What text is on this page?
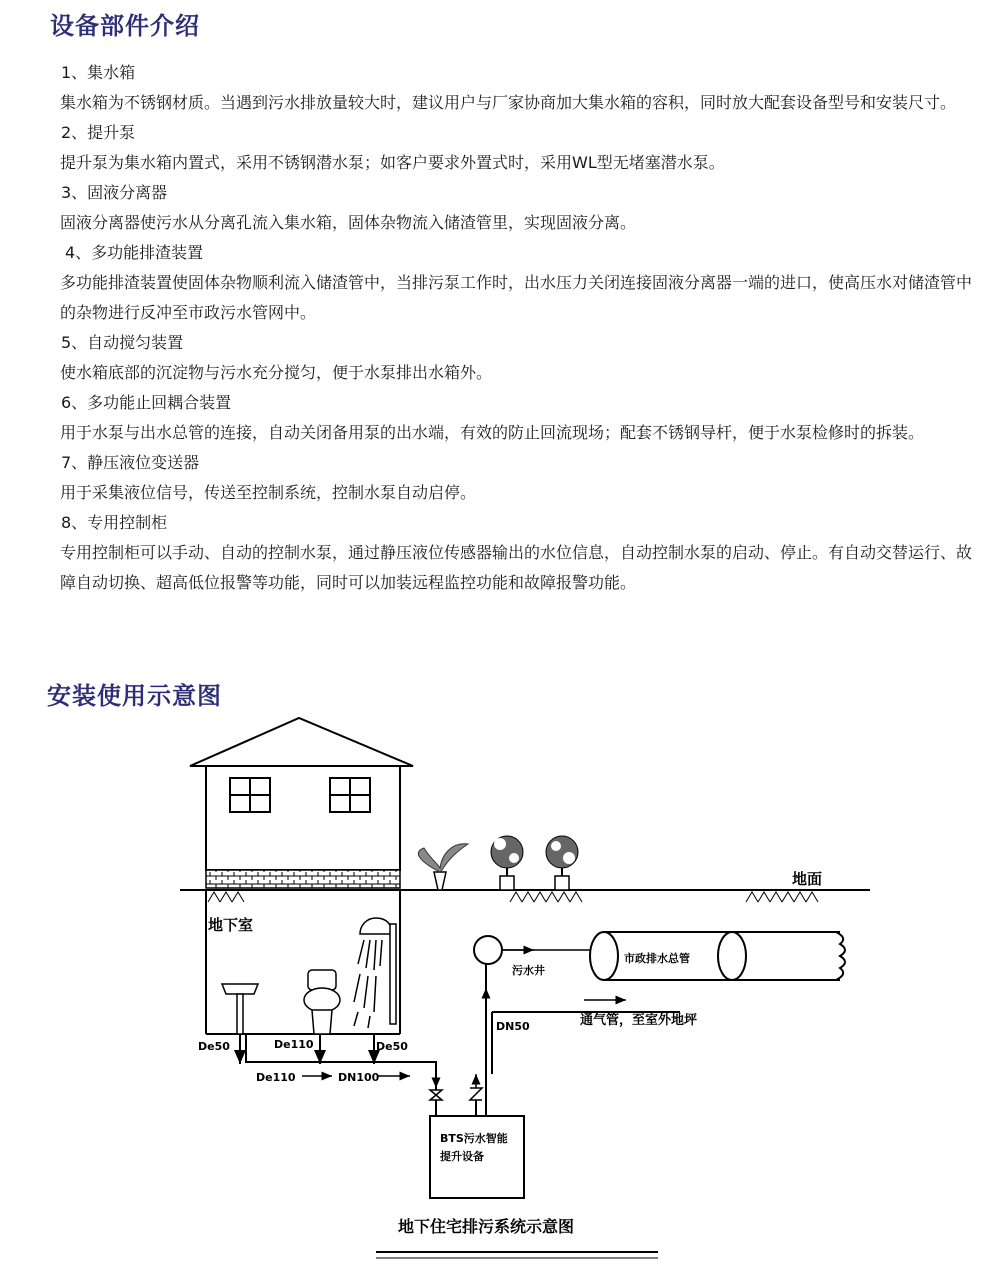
设备部件介绍
1、集水箱
集水箱为不锈钢材质。当遇到污水排放量较大时，建议用户与厂家协商加大集水箱的容积，同时放大配套设备型号和安装尺寸。
2、提升泵
提升泵为集水箱内置式，采用不锈钢潜水泵；如客户要求外置式时，采用WL型无堵塞潜水泵。
3、固液分离器
固液分离器使污水从分离孔流入集水箱，固体杂物流入储渣管里，实现固液分离。
4、多功能排渣装置
多功能排渣装置使固体杂物顺利流入储渣管中，当排污泵工作时，出水压力关闭连接固液分离器一端的进口，使高压水对储渣管中的杂物进行反冲至市政污水管网中。
5、自动搅匀装置
使水箱底部的沉淀物与污水充分搅匀，便于水泵排出水箱外。
6、多功能止回耦合装置
用于水泵与出水总管的连接，自动关闭备用泵的出水端，有效的防止回流现场；配套不锈钢导杆，便于水泵检修时的拆装。
7、静压液位变送器
用于采集液位信号，传送至控制系统，控制水泵自动启停。
8、专用控制柜
专用控制柜可以手动、自动的控制水泵，通过静压液位传感器输出的水位信息，自动控制水泵的启动、停止。有自动交替运行、故障自动切换、超高低位报警等功能，同时可以加装远程监控功能和故障报警功能。
安装使用示意图
地面
地下室
De50	De110	De50
De110	DN100
BTS污水智能
提升设备
DN50	通气管，至室外地坪
污水井
市政排水总管
地下住宅排污系统示意图
